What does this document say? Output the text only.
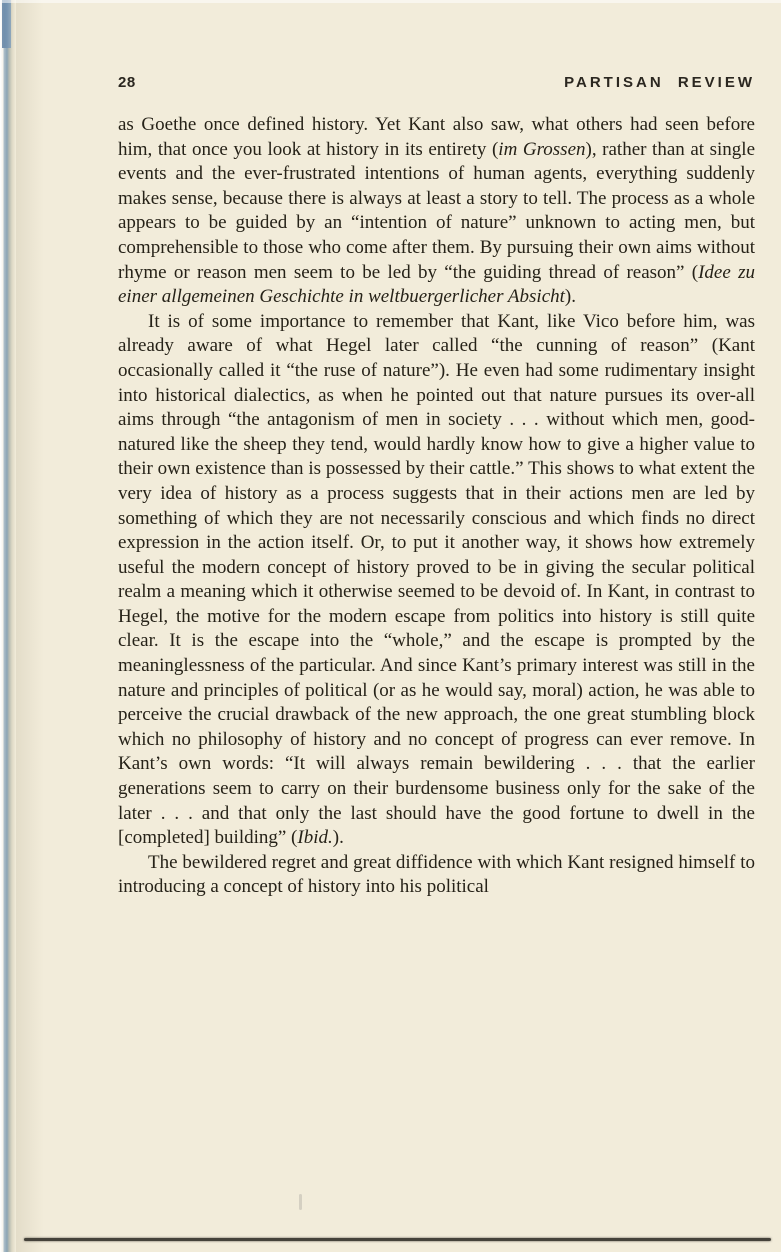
28	PARTISAN REVIEW

as Goethe once defined history. Yet Kant also saw, what others had seen before him, that once you look at history in its entirety (im Grossen), rather than at single events and the ever-frustrated intentions of human agents, everything suddenly makes sense, because there is always at least a story to tell. The process as a whole appears to be guided by an “intention of nature” unknown to acting men, but comprehensible to those who come after them. By pursuing their own aims without rhyme or reason men seem to be led by “the guiding thread of reason” (Idee zu einer allgemeinen Geschichte in weltbuergerlicher Absicht).

It is of some importance to remember that Kant, like Vico before him, was already aware of what Hegel later called “the cunning of reason” (Kant occasionally called it “the ruse of nature”). He even had some rudimentary insight into historical dialectics, as when he pointed out that nature pursues its over-all aims through “the antagonism of men in society . . . without which men, good-natured like the sheep they tend, would hardly know how to give a higher value to their own existence than is possessed by their cattle.” This shows to what extent the very idea of history as a process suggests that in their actions men are led by something of which they are not necessarily conscious and which finds no direct expression in the action itself. Or, to put it another way, it shows how extremely useful the modern concept of history proved to be in giving the secular political realm a meaning which it otherwise seemed to be devoid of. In Kant, in contrast to Hegel, the motive for the modern escape from politics into history is still quite clear. It is the escape into the “whole,” and the escape is prompted by the meaninglessness of the particular. And since Kant’s primary interest was still in the nature and principles of political (or as he would say, moral) action, he was able to perceive the crucial drawback of the new approach, the one great stumbling block which no philosophy of history and no concept of progress can ever remove. In Kant’s own words: “It will always remain bewildering . . . that the earlier generations seem to carry on their burdensome business only for the sake of the later . . . and that only the last should have the good fortune to dwell in the [completed] building” (Ibid.).

The bewildered regret and great diffidence with which Kant resigned himself to introducing a concept of history into his political
